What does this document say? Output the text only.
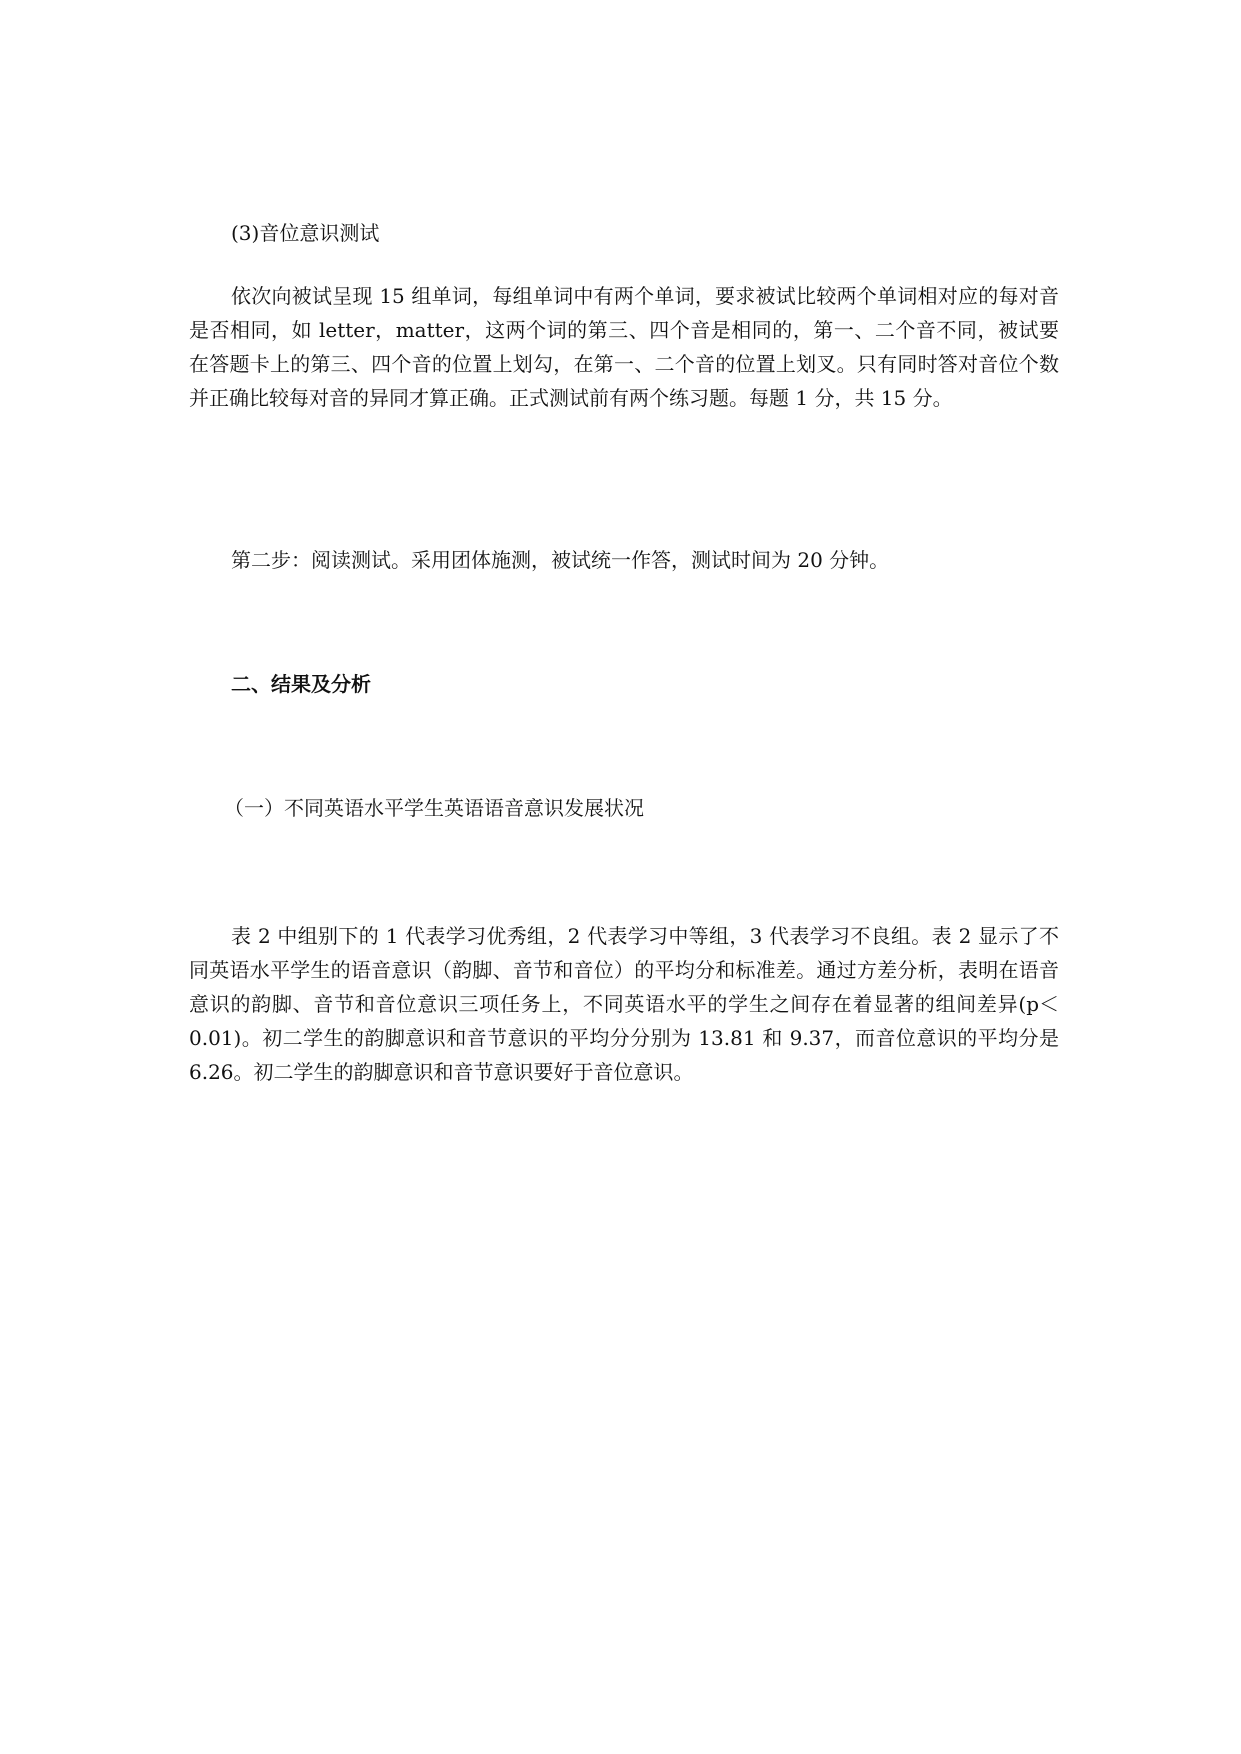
(3)音位意识测试

依次向被试呈现 15 组单词，每组单词中有两个单词，要求被试比较两个单词相对应的每对音是否相同，如 letter，matter，这两个词的第三、四个音是相同的，第一、二个音不同，被试要在答题卡上的第三、四个音的位置上划勾，在第一、二个音的位置上划叉。只有同时答对音位个数并正确比较每对音的异同才算正确。正式测试前有两个练习题。每题 1 分，共 15 分。

第二步：阅读测试。采用团体施测，被试统一作答，测试时间为 20 分钟。

二、结果及分析

（一）不同英语水平学生英语语音意识发展状况

表 2 中组别下的 1 代表学习优秀组，2 代表学习中等组，3 代表学习不良组。表 2 显示了不同英语水平学生的语音意识（韵脚、音节和音位）的平均分和标准差。通过方差分析，表明在语音意识的韵脚、音节和音位意识三项任务上，不同英语水平的学生之间存在着显著的组间差异(p＜0.01)。初二学生的韵脚意识和音节意识的平均分分别为 13.81 和 9.37，而音位意识的平均分是 6.26。初二学生的韵脚意识和音节意识要好于音位意识。
